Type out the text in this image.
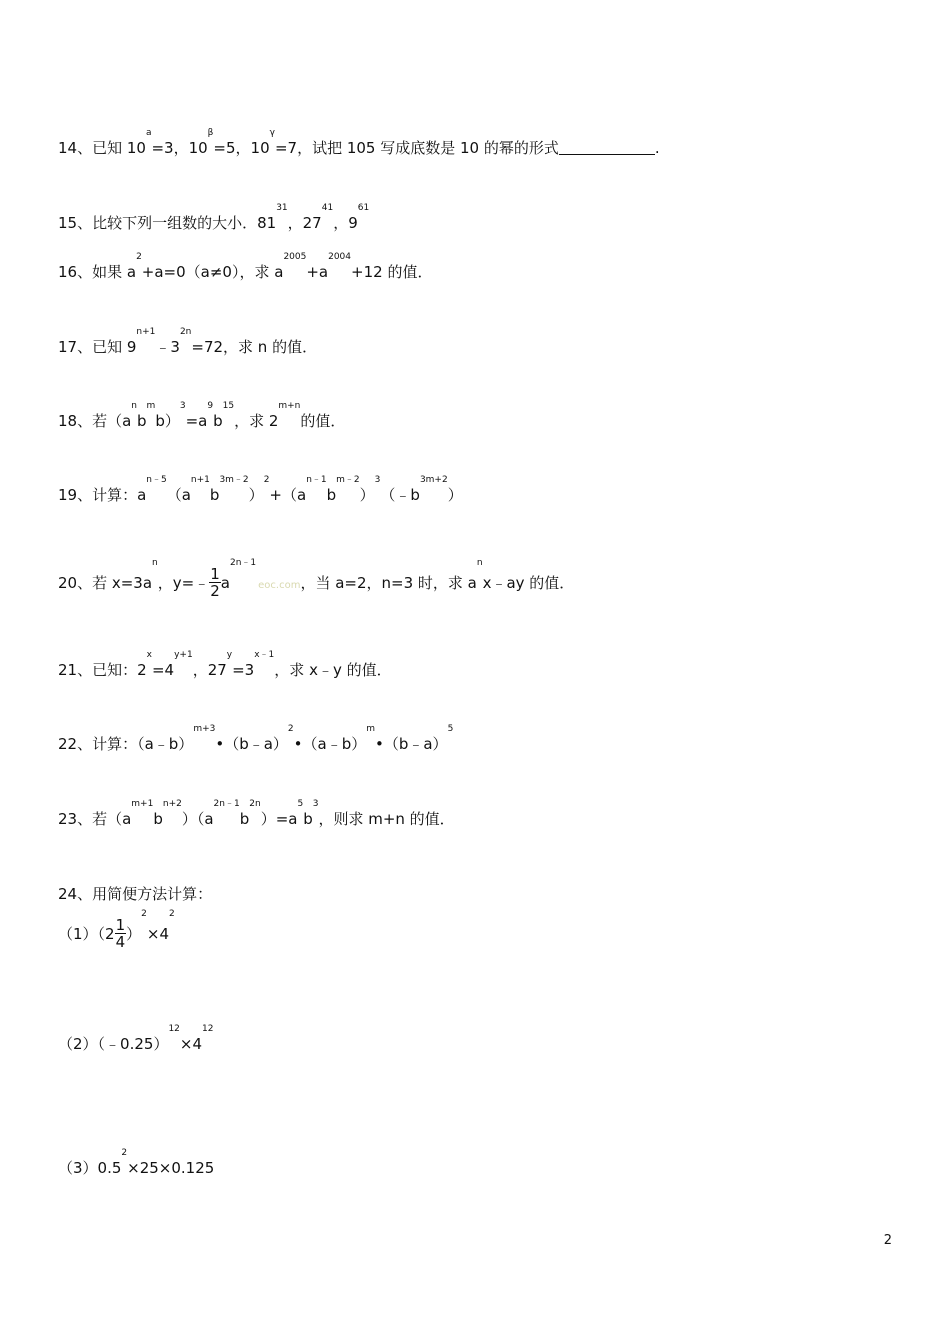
14、已知 $10^a=3$，$10^\beta=5$，$10^\gamma=7$，试把 105 写成底数是 10 的幂的形式	.
15、比较下列一组数的大小．$81^{31}$，$27^{41}$，$9^{61}$
16、如果 $a^2+a=0(a\ne 0)$，求 $a^{2005}+a^{2004}+12$ 的值．
17、已知 $9^{n+1}﹣3^{2n}=72$，求 n 的值．
18、若$(a^nb^mb)^3=a^9b^{15}$，求 $2^{m+n}$的值．
19、计算：$a^{n﹣5}(a^{n+1}b^{3m﹣2})^2+(a^{n﹣1}b^{m﹣2})^3(﹣b^{3m+2})$
20、若 $x=3a^n$，y=﹣ $\frac{1}{2} a^{2n﹣1}eoc.com$，当 a=2，n=3 时，求 $a^nx﹣ay$ 的值．
21、已知：$2^x=4^{y+1}$，$27^y=3^{x﹣1}$，求 x﹣y 的值．
22、计算：（a﹣b）$^{m+3}$•（b﹣a）$^2$•（a﹣b）$^m$•（b﹣a）$^5$
23、若$(a^{m+1}b^{n+2})(a^{2n﹣1}b^{2n})=a^5b^3$，则求 m+n 的值．
24、用简便方法计算：
$(1)(2 \frac{1}{4} )^2\times 4^2$
$(2)(﹣0.25)^{12}\times 4^{12}$
$(3)0.5^2\times 25\times 0.125$
2
